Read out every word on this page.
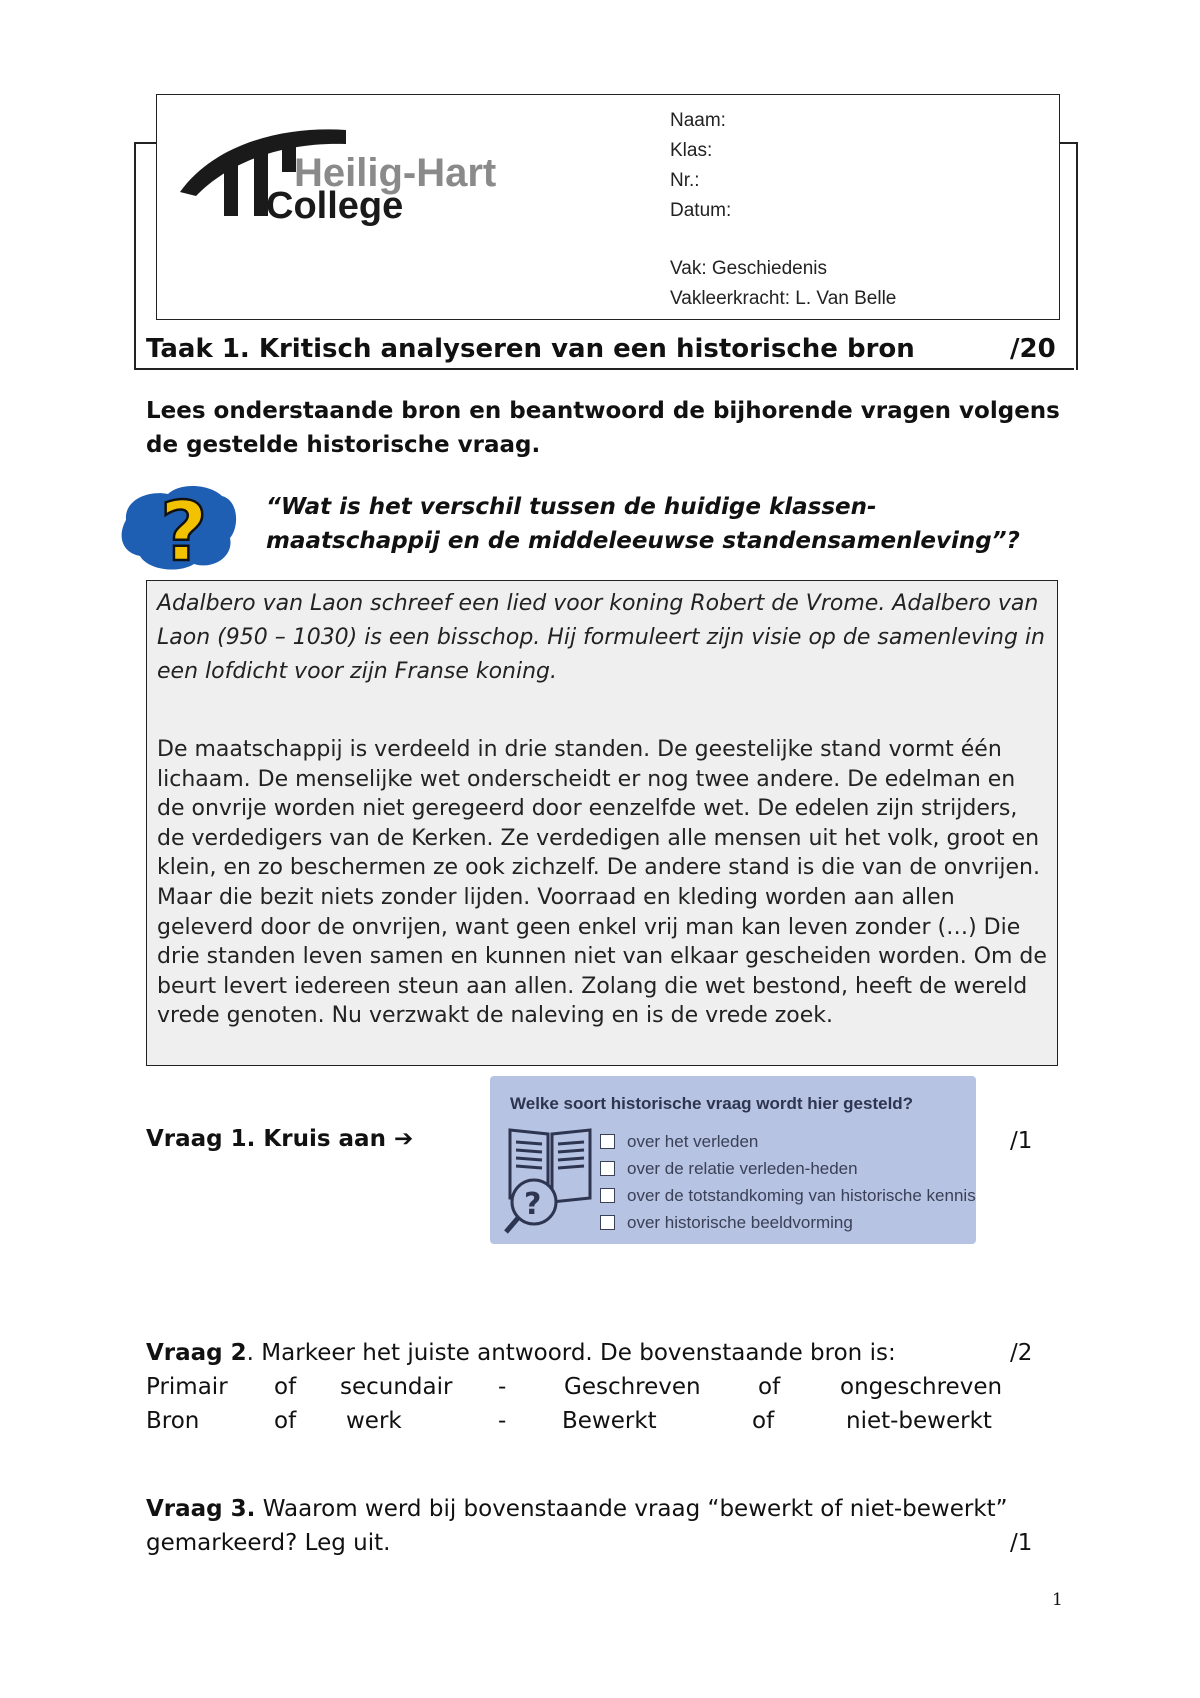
Heilig-Hart
College
Naam:
Klas:
Nr.:
Datum:
Vak: Geschiedenis
Vakleerkracht: L. Van Belle
Taak 1. Kritisch analyseren van een historische bron	/20
Lees onderstaande bron en beantwoord de bijhorende vragen volgens de gestelde historische vraag.
?	“Wat is het verschil tussen de huidige klassen-
maatschappij en de middeleeuwse standensamenleving”?
Adalbero van Laon schreef een lied voor koning Robert de Vrome. Adalbero van Laon (950 – 1030) is een bisschop. Hij formuleert zijn visie op de samenleving in een lofdicht voor zijn Franse koning.
De maatschappij is verdeeld in drie standen. De geestelijke stand vormt één lichaam. De menselijke wet onderscheidt er nog twee andere. De edelman en de onvrije worden niet geregeerd door eenzelfde wet. De edelen zijn strijders, de verdedigers van de Kerken. Ze verdedigen alle mensen uit het volk, groot en klein, en zo beschermen ze ook zichzelf. De andere stand is die van de onvrijen. Maar die bezit niets zonder lijden. Voorraad en kleding worden aan allen geleverd door de onvrijen, want geen enkel vrij man kan leven zonder (…) Die drie standen leven samen en kunnen niet van elkaar gescheiden worden. Om de beurt levert iedereen steun aan allen. Zolang die wet bestond, heeft de wereld vrede genoten. Nu verzwakt de naleving en is de vrede zoek.
Vraag 1. Kruis aan ➔	/1
Welke soort historische vraag wordt hier gesteld?
?
over het verleden
over de relatie verleden-heden
over de totstandkoming van historische kennis
over historische beeldvorming
Vraag 2. Markeer het juiste antwoord. De bovenstaande bron is:	/2
Primair of secundair -	Geschreven of	ongeschreven
Bron	of werk	- Bewerkt	of	niet-bewerkt
Vraag 3. Waarom werd bij bovenstaande vraag “bewerkt of niet-bewerkt”
gemarkeerd? Leg uit.	/1
1
